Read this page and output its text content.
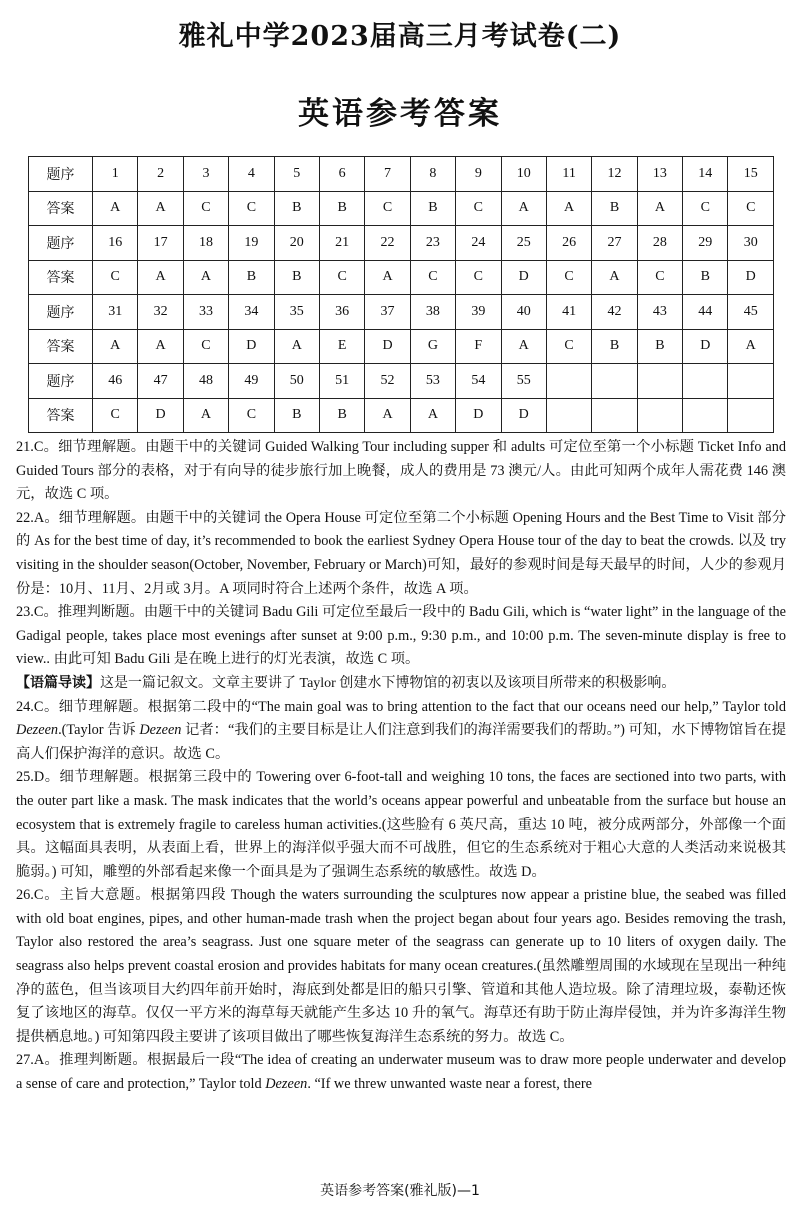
雅礼中学2023届高三月考试卷(二)
英语参考答案
题序	1	2	3	4	5	6	7	8	9	10	11	12	13	14	15
答案	A	A	C	C	B	B	C	B	C	A	A	B	A	C	C
题序	16	17	18	19	20	21	22	23	24	25	26	27	28	29	30
答案	C	A	A	B	B	C	A	C	C	D	C	A	C	B	D
题序	31	32	33	34	35	36	37	38	39	40	41	42	43	44	45
答案	A	A	C	D	A	E	D	G	F	A	C	B	B	D	A
题序	46	47	48	49	50	51	52	53	54	55					
答案	C	D	A	C	B	B	A	A	D	D					
21.C。细节理解题。由题干中的关键词 Guided Walking Tour including supper 和 adults 可定位至第一个小标题 Ticket Info and Guided Tours 部分的表格，对于有向导的徒步旅行加上晚餐，成人的费用是 73 澳元/人。由此可知两个成年人需花费 146 澳元，故选 C 项。
22.A。细节理解题。由题干中的关键词 the Opera House 可定位至第二个小标题 Opening Hours and the Best Time to Visit 部分的 As for the best time of day, it’s recommended to book the earliest Sydney Opera House tour of the day to beat the crowds. 以及 try visiting in the shoulder season(October, November, February or March)可知，最好的参观时间是每天最早的时间，人少的参观月份是：10月、11月、2月或 3月。A 项同时符合上述两个条件，故选 A 项。
23.C。推理判断题。由题干中的关键词 Badu Gili 可定位至最后一段中的 Badu Gili, which is “water light” in the language of the Gadigal people, takes place most evenings after sunset at 9:00 p.m., 9:30 p.m., and 10:00 p.m. The seven-minute display is free to view.. 由此可知 Badu Gili 是在晚上进行的灯光表演，故选 C 项。
【语篇导读】这是一篇记叙文。文章主要讲了 Taylor 创建水下博物馆的初衷以及该项目所带来的积极影响。
24.C。细节理解题。根据第二段中的“The main goal was to bring attention to the fact that our oceans need our help,” Taylor told Dezeen.(Taylor 告诉 Dezeen 记者：“我们的主要目标是让人们注意到我们的海洋需要我们的帮助。”) 可知，水下博物馆旨在提高人们保护海洋的意识。故选 C。
25.D。细节理解题。根据第三段中的 Towering over 6-foot-tall and weighing 10 tons, the faces are sectioned into two parts, with the outer part like a mask. The mask indicates that the world’s oceans appear powerful and unbeatable from the surface but house an ecosystem that is extremely fragile to careless human activities.(这些脸有 6 英尺高，重达 10 吨，被分成两部分，外部像一个面具。这幅面具表明，从表面上看，世界上的海洋似乎强大而不可战胜，但它的生态系统对于粗心大意的人类活动来说极其脆弱。) 可知，雕塑的外部看起来像一个面具是为了强调生态系统的敏感性。故选 D。
26.C。主旨大意题。根据第四段 Though the waters surrounding the sculptures now appear a pristine blue, the seabed was filled with old boat engines, pipes, and other human-made trash when the project began about four years ago. Besides removing the trash, Taylor also restored the area’s seagrass. Just one square meter of the seagrass can generate up to 10 liters of oxygen daily. The seagrass also helps prevent coastal erosion and provides habitats for many ocean creatures.(虽然雕塑周围的水域现在呈现出一种纯净的蓝色，但当该项目大约四年前开始时，海底到处都是旧的船只引擎、管道和其他人造垃圾。除了清理垃圾，泰勒还恢复了该地区的海草。仅仅一平方米的海草每天就能产生多达 10 升的氧气。海草还有助于防止海岸侵蚀，并为许多海洋生物提供栖息地。) 可知第四段主要讲了该项目做出了哪些恢复海洋生态系统的努力。故选 C。
27.A。推理判断题。根据最后一段“The idea of creating an underwater museum was to draw more people underwater and develop a sense of care and protection,” Taylor told Dezeen. “If we threw unwanted waste near a forest, there
英语参考答案(雅礼版)—1
